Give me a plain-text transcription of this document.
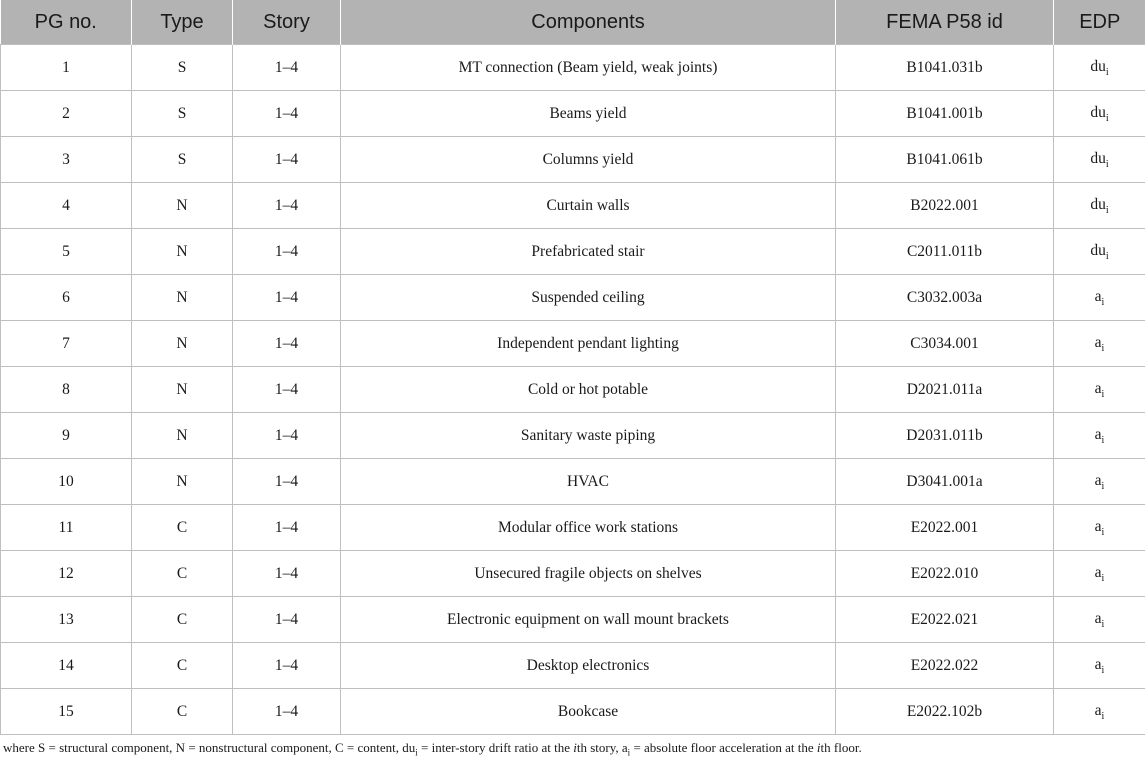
PG no.	Type	Story	Components	FEMA P58 id	EDP
1	S	1–4	MT connection (Beam yield, weak joints)	B1041.031b	$du_i$
2	S	1–4	Beams yield	B1041.001b	$du_i$
3	S	1–4	Columns yield	B1041.061b	$du_i$
4	N	1–4	Curtain walls	B2022.001	$du_i$
5	N	1–4	Prefabricated stair	C2011.011b	$du_i$
6	N	1–4	Suspended ceiling	C3032.003a	$a_i$
7	N	1–4	Independent pendant lighting	C3034.001	$a_i$
8	N	1–4	Cold or hot potable	D2021.011a	$a_i$
9	N	1–4	Sanitary waste piping	D2031.011b	$a_i$
10	N	1–4	HVAC	D3041.001a	$a_i$
11	C	1–4	Modular office work stations	E2022.001	$a_i$
12	C	1–4	Unsecured fragile objects on shelves	E2022.010	$a_i$
13	C	1–4	Electronic equipment on wall mount brackets	E2022.021	$a_i$
14	C	1–4	Desktop electronics	E2022.022	$a_i$
15	C	1–4	Bookcase	E2022.102b	$a_i$
where S = structural component, N = nonstructural component, C = content, $du_i$ = inter-story drift ratio at the ith story, $a_i$ = absolute floor acceleration at the ith floor.
